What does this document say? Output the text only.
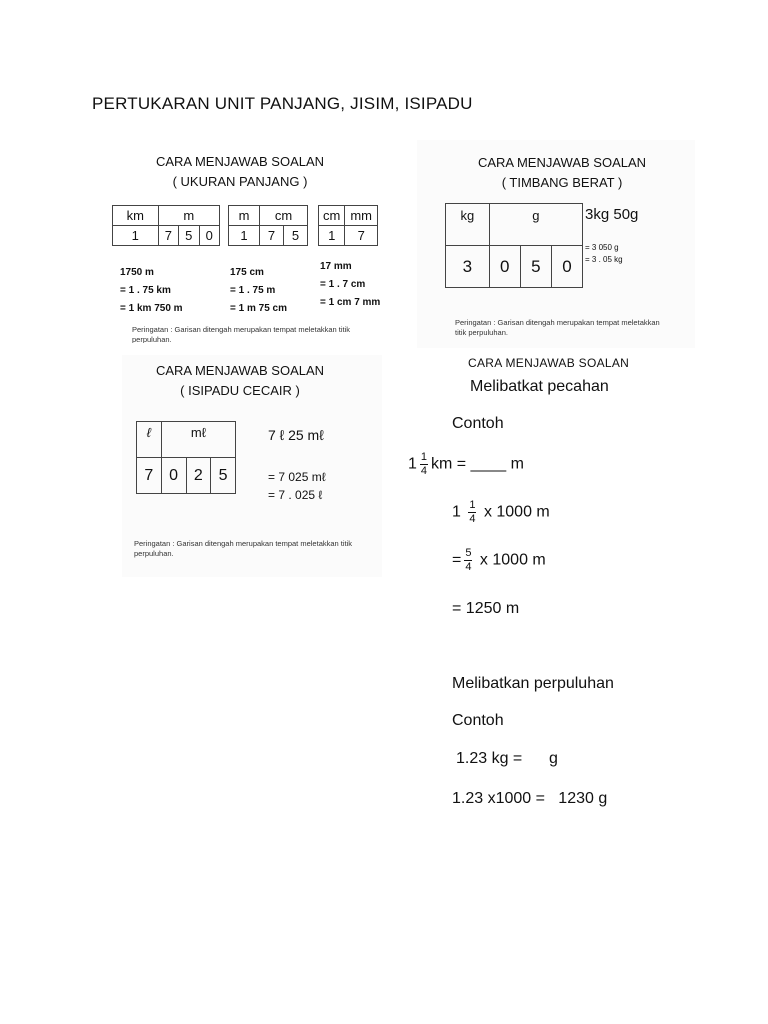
PERTUKARAN UNIT PANJANG, JISIM, ISIPADU
CARA MENJAWAB SOALAN
( UKURAN PANJANG )
km	m		
1	7	5	0
m	cm	
1	7	5
cm	mm
1	7
1750 m
= 1 . 75 km
= 1 km 750 m
175 cm
= 1 . 75 m
= 1 m 75 cm
17 mm
= 1 . 7 cm
= 1 cm 7 mm
Peringatan : Garisan ditengah merupakan tempat meletakkan titik perpuluhan.
CARA MENJAWAB SOALAN
( TIMBANG BERAT )
kg	g		
3	0	5	0
3kg 50g
= 3 050 g
= 3 . 05 kg
Peringatan : Garisan ditengah merupakan tempat meletakkan titik perpuluhan.
CARA MENJAWAB SOALAN
( ISIPADU CECAIR )
ℓ	mℓ		
7	0	2	5
7 ℓ 25 mℓ
= 7 025 mℓ
= 7 . 025 ℓ
Peringatan : Garisan ditengah merupakan tempat meletakkan titik perpuluhan.
CARA MENJAWAB SOALAN
Melibatkat pecahan
Contoh
$1 \frac{1}{4}$ km = ____ m
$1 \frac{1}{4}$ x 1000 m
= $\frac{5}{4}$ x 1000 m
= 1250 m
Melibatkan perpuluhan
Contoh
1.23 kg =      g
1.23 x1000 =   1230 g
